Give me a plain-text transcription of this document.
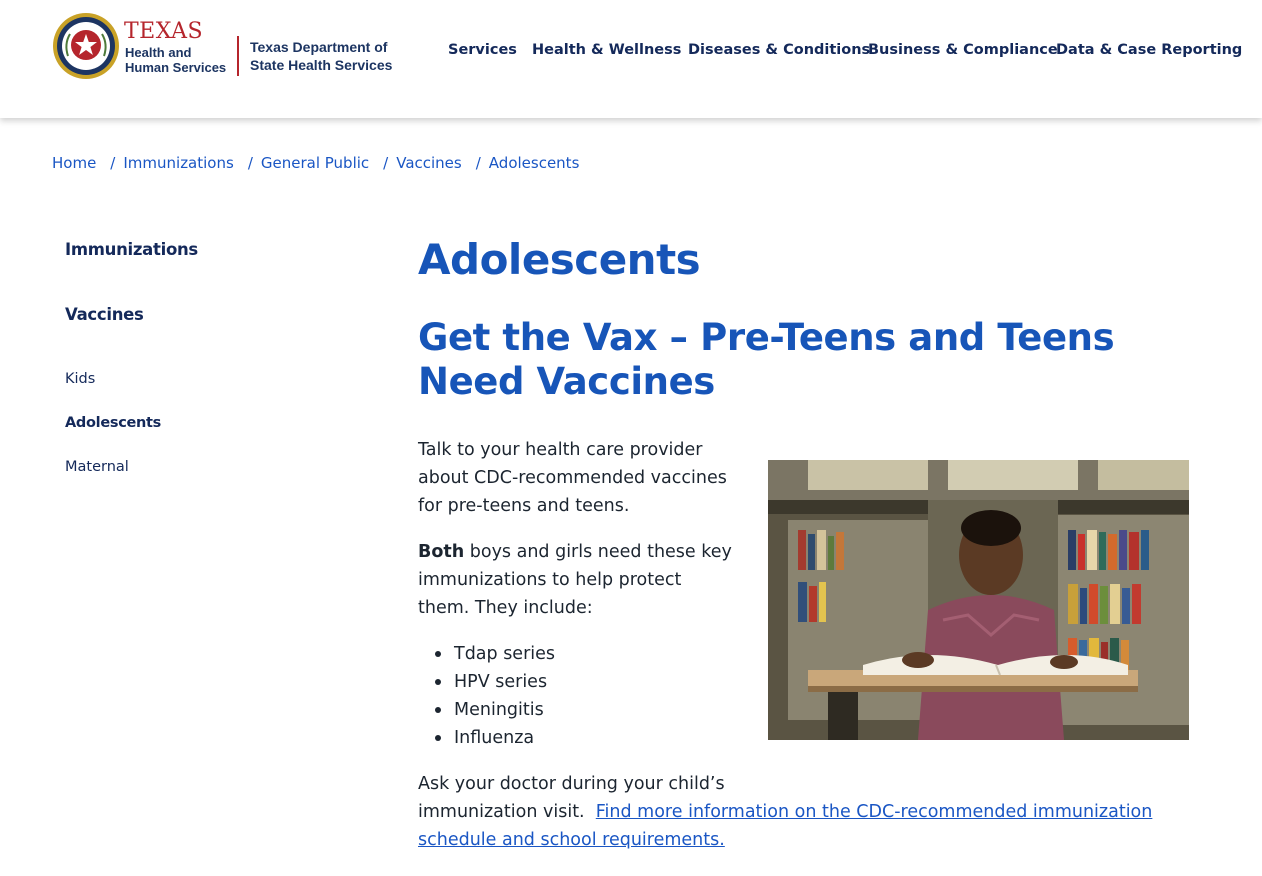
TEXAS
Health and Human Services
Texas Department of State Health Services
Services Health & Wellness Diseases & Conditions
Business & Compliance
Data & Case Reporting
Home / Immunizations / General Public / Vaccines / Adolescents
Immunizations
Vaccines
Kids
Adolescents
Maternal
Adolescents
Get the Vax – Pre-Teens and Teens Need Vaccines

Talk to your health care provider about CDC-recommended vaccines for pre-teens and teens.

Both boys and girls need these key immunizations to help protect them. They include:

Tdap series
HPV series
Meningitis
Influenza

Ask your doctor during your child’s
immunization visit.  Find more information on the CDC-recommended immunization schedule and school requirements.
